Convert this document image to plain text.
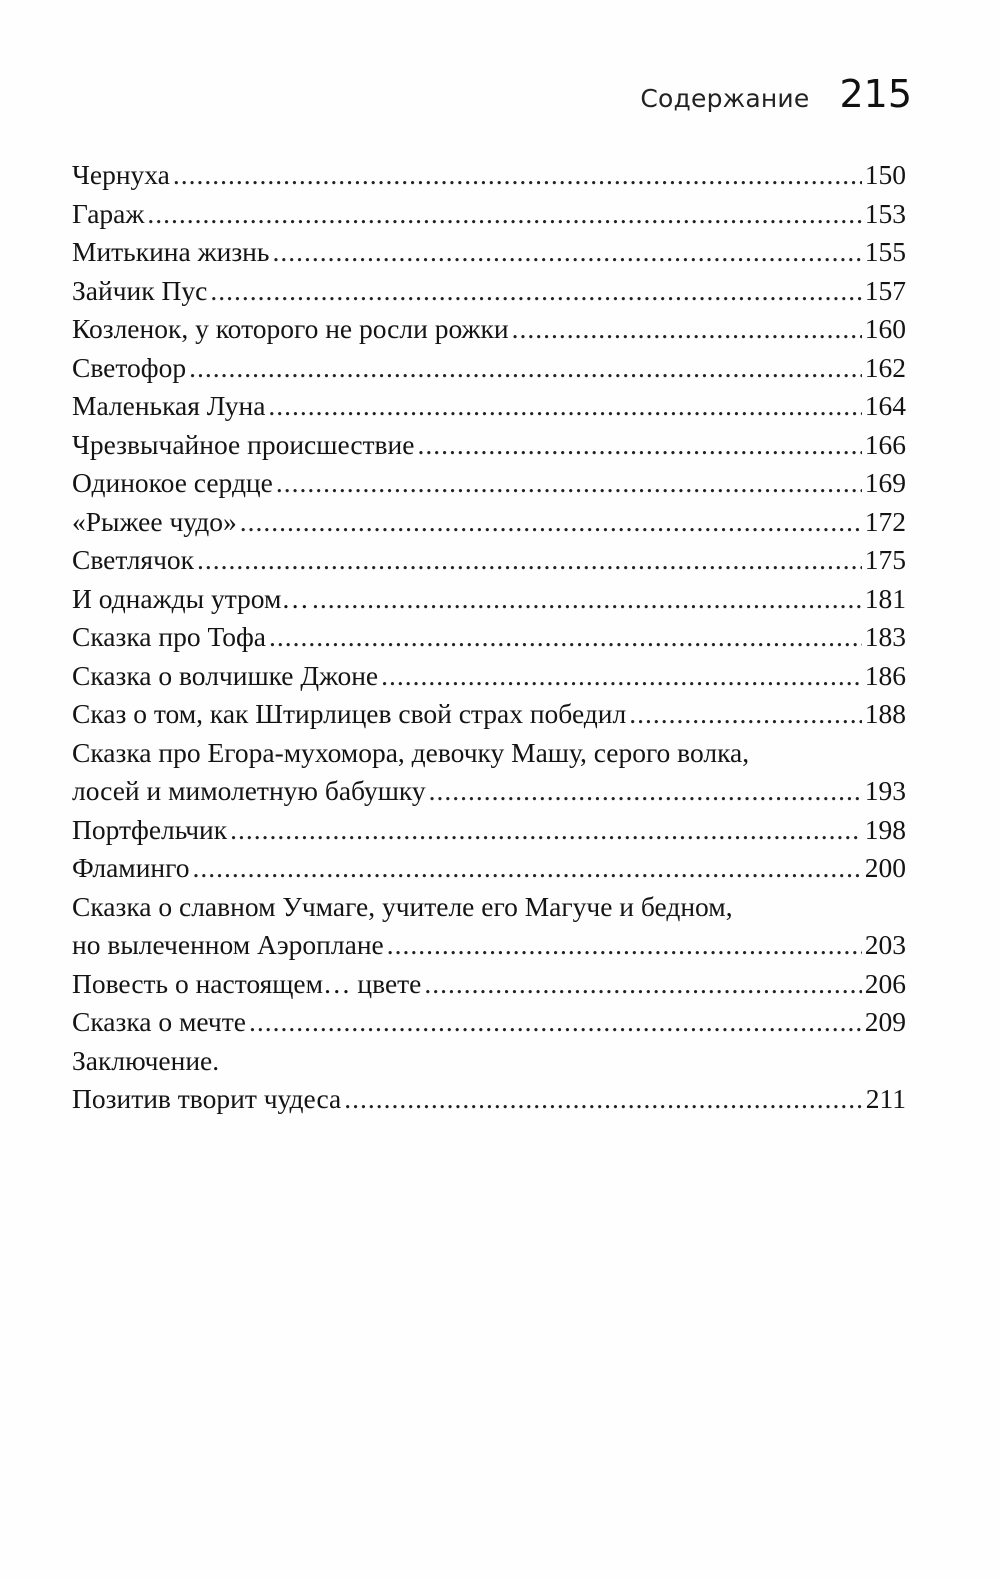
Содержание 215
Чернуха .....	150
Гараж .....	153
Митькина жизнь .....	155
Зайчик Пус .....	157
Козленок, у которого не росли рожки .....	160
Светофор .....	162
Маленькая Луна .....	164
Чрезвычайное происшествие .....	166
Одинокое сердце .....	169
«Рыжее чудо» .....	172
Светлячок .....	175
И однажды утром… .....	181
Сказка про Тофа .....	183
Сказка о волчишке Джоне .....	186
Сказ о том, как Штирлицев свой страх победил .....	188
Сказка про Егора-мухомора, девочку Машу, серого волка,
лосей и мимолетную бабушку .....	193
Портфельчик .....	198
Фламинго .....	200
Сказка о славном Учмаге, учителе его Магуче и бедном,
но вылеченном Аэроплане .....	203
Повесть о настоящем… цвете .....	206
Сказка о мечте .....	209
Заключение.
Позитив творит чудеса .....	211
